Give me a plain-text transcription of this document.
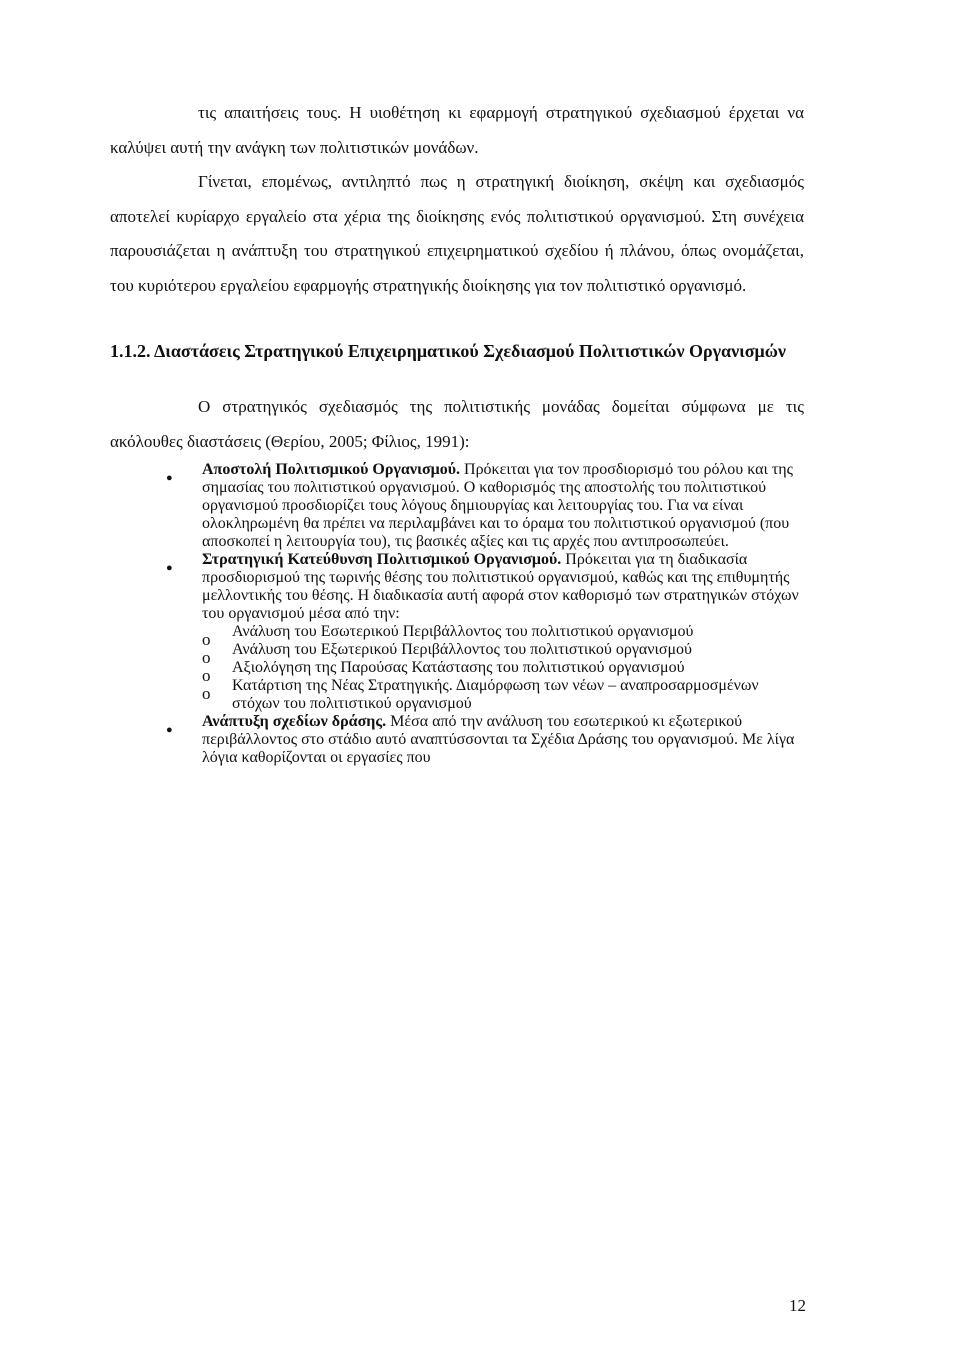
τις απαιτήσεις τους. Η υιοθέτηση κι εφαρμογή στρατηγικού σχεδιασμού έρχεται να καλύψει αυτή την ανάγκη των πολιτιστικών μονάδων.

Γίνεται, επομένως, αντιληπτό πως η στρατηγική διοίκηση, σκέψη και σχεδιασμός αποτελεί κυρίαρχο εργαλείο στα χέρια της διοίκησης ενός πολιτιστικού οργανισμού. Στη συνέχεια παρουσιάζεται η ανάπτυξη του στρατηγικού επιχειρηματικού σχεδίου ή πλάνου, όπως ονομάζεται, του κυριότερου εργαλείου εφαρμογής στρατηγικής διοίκησης για τον πολιτιστικό οργανισμό.

1.1.2. Διαστάσεις Στρατηγικού Επιχειρηματικού Σχεδιασμού Πολιτιστικών Οργανισμών

Ο στρατηγικός σχεδιασμός της πολιτιστικής μονάδας δομείται σύμφωνα με τις ακόλουθες διαστάσεις (Θερίου, 2005; Φίλιος, 1991):

● Αποστολή Πολιτισμικού Οργανισμού. Πρόκειται για τον προσδιορισμό του ρόλου και της σημασίας του πολιτιστικού οργανισμού. Ο καθορισμός της αποστολής του πολιτιστικού οργανισμού προσδιορίζει τους λόγους δημιουργίας και λειτουργίας του. Για να είναι ολοκληρωμένη θα πρέπει να περιλαμβάνει και το όραμα του πολιτιστικού οργανισμού (που αποσκοπεί η λειτουργία του), τις βασικές αξίες και τις αρχές που αντιπροσωπεύει.
● Στρατηγική Κατεύθυνση Πολιτισμικού Οργανισμού. Πρόκειται για τη διαδικασία προσδιορισμού της τωρινής θέσης του πολιτιστικού οργανισμού, καθώς και της επιθυμητής μελλοντικής του θέσης. Η διαδικασία αυτή αφορά στον καθορισμό των στρατηγικών στόχων του οργανισμού μέσα από την:
o Ανάλυση του Εσωτερικού Περιβάλλοντος του πολιτιστικού οργανισμού
o Ανάλυση του Εξωτερικού Περιβάλλοντος του πολιτιστικού οργανισμού
o Αξιολόγηση της Παρούσας Κατάστασης του πολιτιστικού οργανισμού
o Κατάρτιση της Νέας Στρατηγικής. Διαμόρφωση των νέων – αναπροσαρμοσμένων στόχων του πολιτιστικού οργανισμού
● Ανάπτυξη σχεδίων δράσης. Μέσα από την ανάλυση του εσωτερικού κι εξωτερικού περιβάλλοντος στο στάδιο αυτό αναπτύσσονται τα Σχέδια Δράσης του οργανισμού. Με λίγα λόγια καθορίζονται οι εργασίες που
12
